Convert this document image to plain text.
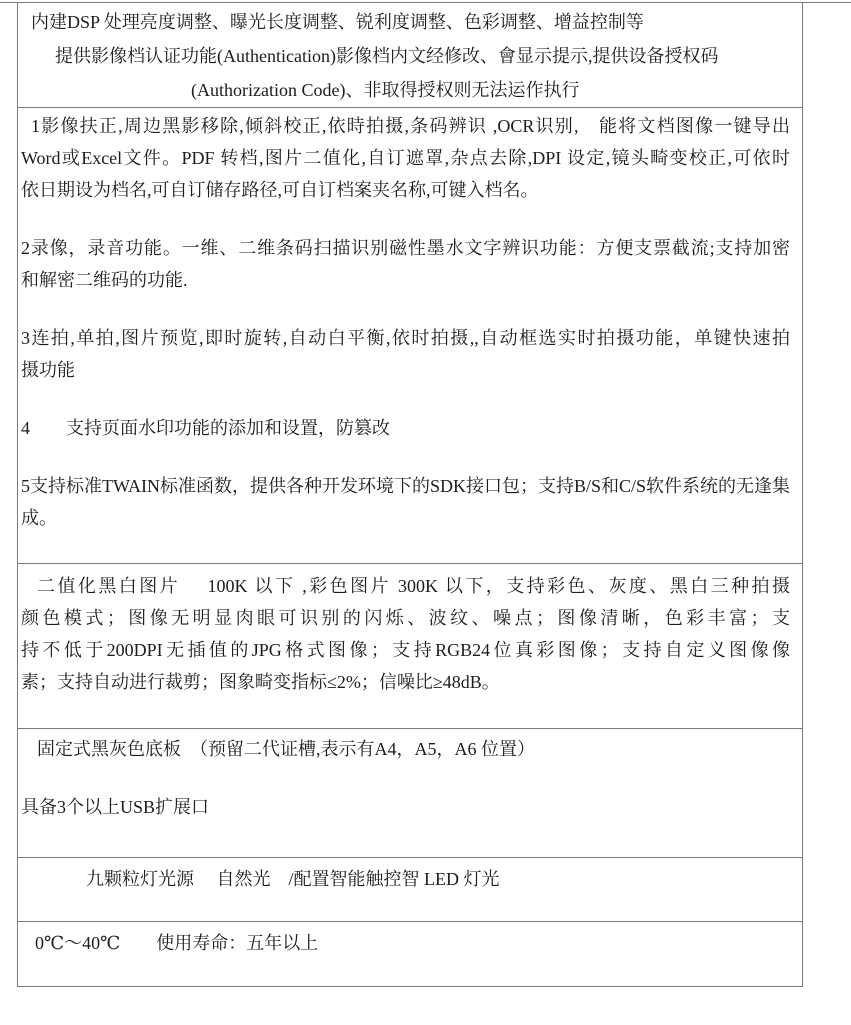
内建DSP 处理亮度调整、曝光长度调整、锐利度调整、色彩调整、增益控制等
提供影像档认证功能(Authentication)影像档内文经修改、會显示提示,提供设备授权码
(Authorization Code)、非取得授权则无法运作执行
1影像扶正,周边黑影移除,倾斜校正,依時拍摄,条码辨识 ,OCR识别,　能将文档图像一键导出
Word或Excel文件。PDF 转档,图片二值化,自订遮罩,杂点去除,DPI 设定,镜头畸变校正,可依时
依日期设为档名,可自订储存路径,可自订档案夹名称,可键入档名。
2录像，录音功能。一维、二维条码扫描识别磁性墨水文字辨识功能：方便支票截流;支持加密
和解密二维码的功能.
3连拍,单拍,图片预览,即时旋转,自动白平衡,依时拍摄,,自动框选实时拍摄功能，单键快速拍
摄功能
4　　支持页面水印功能的添加和设置，防篡改
5支持标准TWAIN标准函数，提供各种开发环境下的SDK接口包；支持B/S和C/S软件系统的无逢集
成。
二值化黑白图片　 100K 以下 ,彩色图片 300K 以下，支持彩色、灰度、黑白三种拍摄
颜色模式；图像无明显肉眼可识别的闪烁、波纹、噪点；图像清晰，色彩丰富；支
持不低于200DPI无插值的JPG格式图像；支持RGB24位真彩图像；支持自定义图像像
素；支持自动进行裁剪；图象畸变指标≤2%；信噪比≥48dB。
固定式黑灰色底板　（预留二代证槽,表示有A4，A5，A6 位置）
具备3个以上USB扩展口
九颗粒灯光源　 自然光　/配置智能触控智 LED 灯光
0℃～40℃　　使用寿命：五年以上
